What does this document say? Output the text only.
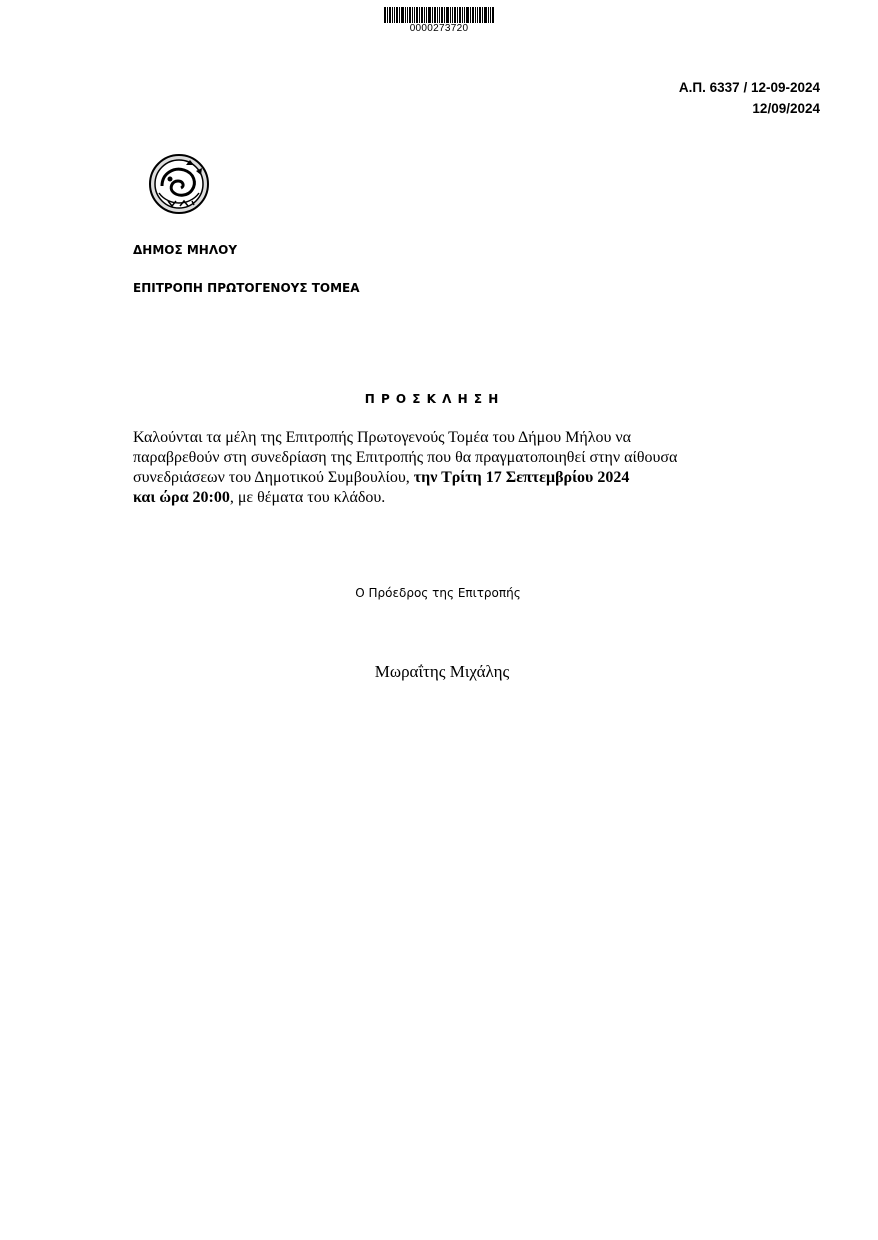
0000273720
Α.Π. 6337 / 12-09-2024
12/09/2024
ΔΗΜΟΣ ΜΗΛΟΥ
ΕΠΙΤΡΟΠΗ ΠΡΩΤΟΓΕΝΟΥΣ ΤΟΜΕΑ
Π Ρ Ο Σ Κ Λ Η Σ Η
Καλούνται τα μέλη της Επιτροπής Πρωτογενούς Τομέα του Δήμου Μήλου να
παραβρεθούν στη συνεδρίαση της Επιτροπής που θα πραγματοποιηθεί στην αίθουσα
συνεδριάσεων του Δημοτικού Συμβουλίου, την Τρίτη 17 Σεπτεμβρίου 2024
και ώρα 20:00, με θέματα του κλάδου.
Ο Πρόεδρος της Επιτροπής
Μωραΐτης Μιχάλης
